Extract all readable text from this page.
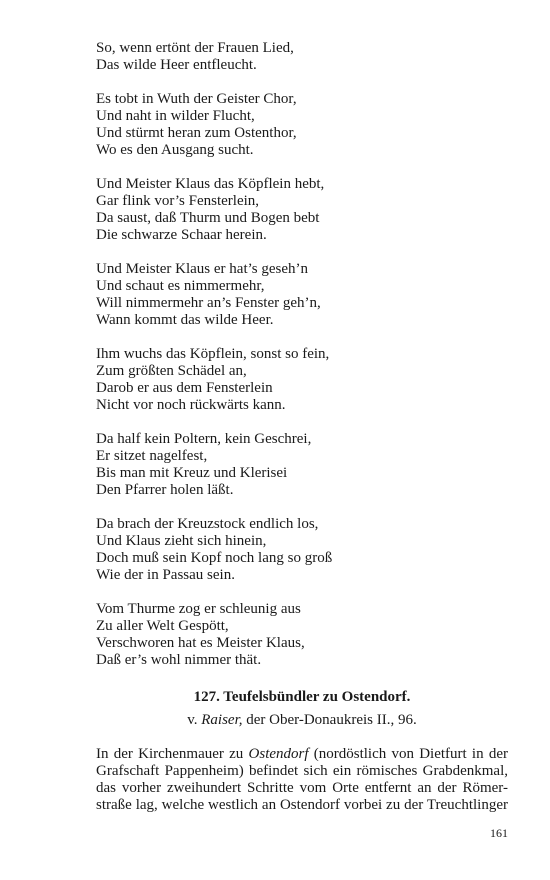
So, wenn ertönt der Frauen Lied,
Das wilde Heer entfleucht.
Es tobt in Wuth der Geister Chor,
Und naht in wilder Flucht,
Und stürmt heran zum Ostenthor,
Wo es den Ausgang sucht.
Und Meister Klaus das Köpflein hebt,
Gar flink vor’s Fensterlein,
Da saust, daß Thurm und Bogen bebt
Die schwarze Schaar herein.
Und Meister Klaus er hat’s geseh’n
Und schaut es nimmermehr,
Will nimmermehr an’s Fenster geh’n,
Wann kommt das wilde Heer.
Ihm wuchs das Köpflein, sonst so fein,
Zum größten Schädel an,
Darob er aus dem Fensterlein
Nicht vor noch rückwärts kann.
Da half kein Poltern, kein Geschrei,
Er sitzet nagelfest,
Bis man mit Kreuz und Klerisei
Den Pfarrer holen läßt.
Da brach der Kreuzstock endlich los,
Und Klaus zieht sich hinein,
Doch muß sein Kopf noch lang so groß
Wie der in Passau sein.
Vom Thurme zog er schleunig aus
Zu aller Welt Gespött,
Verschworen hat es Meister Klaus,
Daß er’s wohl nimmer thät.
127. Teufelsbündler zu Ostendorf.
v. Raiser, der Ober-Donaukreis II., 96.
In der Kirchenmauer zu Ostendorf (nordöstlich von Dietfurt in der
Grafschaft Pappenheim) befindet sich ein römisches Grabdenkmal,
das vorher zweihundert Schritte vom Orte entfernt an der Römer-
straße lag, welche westlich an Ostendorf vorbei zu der Treuchtlinger
161
